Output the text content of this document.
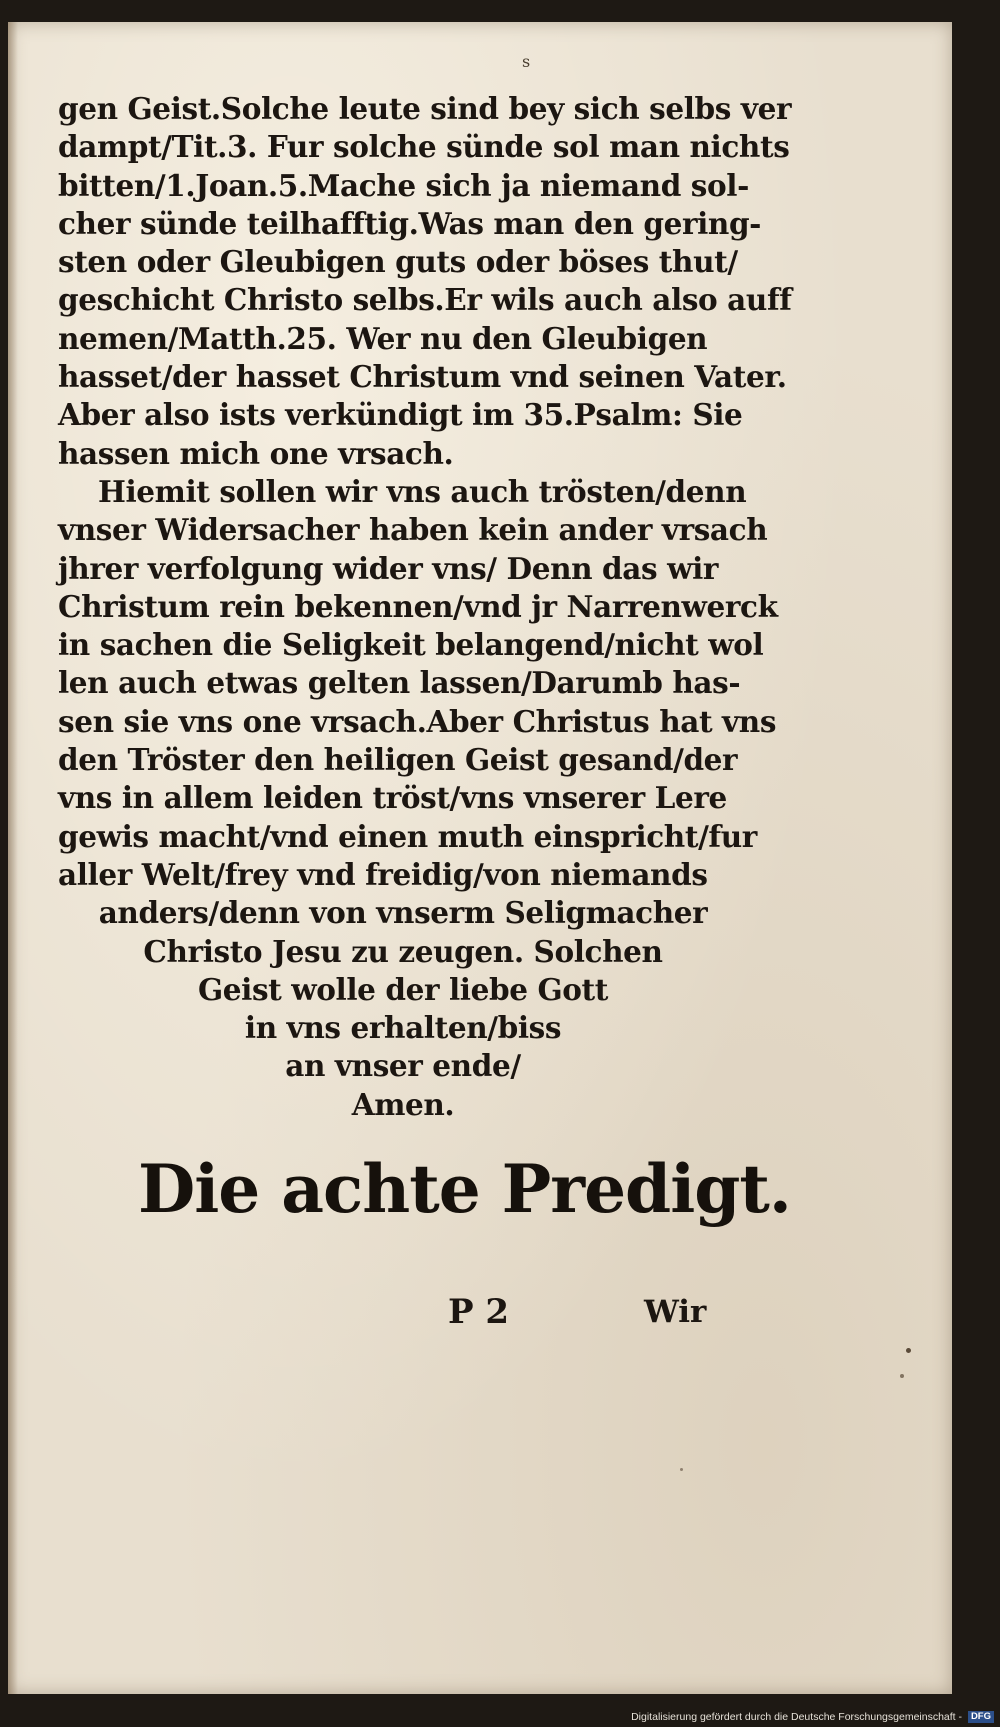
s
gen Geist.Solche leute sind bey sich selbs ver
dampt/Tit.3. Fur solche sünde sol man nichts
bitten/1.Joan.5.Mache sich ja niemand sol-
cher sünde teilhafftig.Was man den gering-
sten oder Gleubigen guts oder böses thut/
geschicht Christo selbs.Er wils auch also auff
nemen/Matth.25. Wer nu den Gleubigen
hasset/der hasset Christum vnd seinen Vater.
Aber also ists verkündigt im 35.Psalm: Sie
hassen mich one vrsach.
Hiemit sollen wir vns auch trösten/denn
vnser Widersacher haben kein ander vrsach
jhrer verfolgung wider vns/ Denn das wir
Christum rein bekennen/vnd jr Narrenwerck
in sachen die Seligkeit belangend/nicht wol
len auch etwas gelten lassen/Darumb has-
sen sie vns one vrsach.Aber Christus hat vns
den Tröster den heiligen Geist gesand/der
vns in allem leiden tröst/vns vnserer Lere
gewis macht/vnd einen muth einspricht/fur
aller Welt/frey vnd freidig/von niemands
anders/denn von vnserm Seligmacher
Christo Jesu zu zeugen. Solchen
Geist wolle der liebe Gott
in vns erhalten/biss
an vnser ende/
Amen.
Die achte Predigt.
P 2	Wir
Digitalisierung gefördert durch die Deutsche Forschungsgemeinschaft - DFG
